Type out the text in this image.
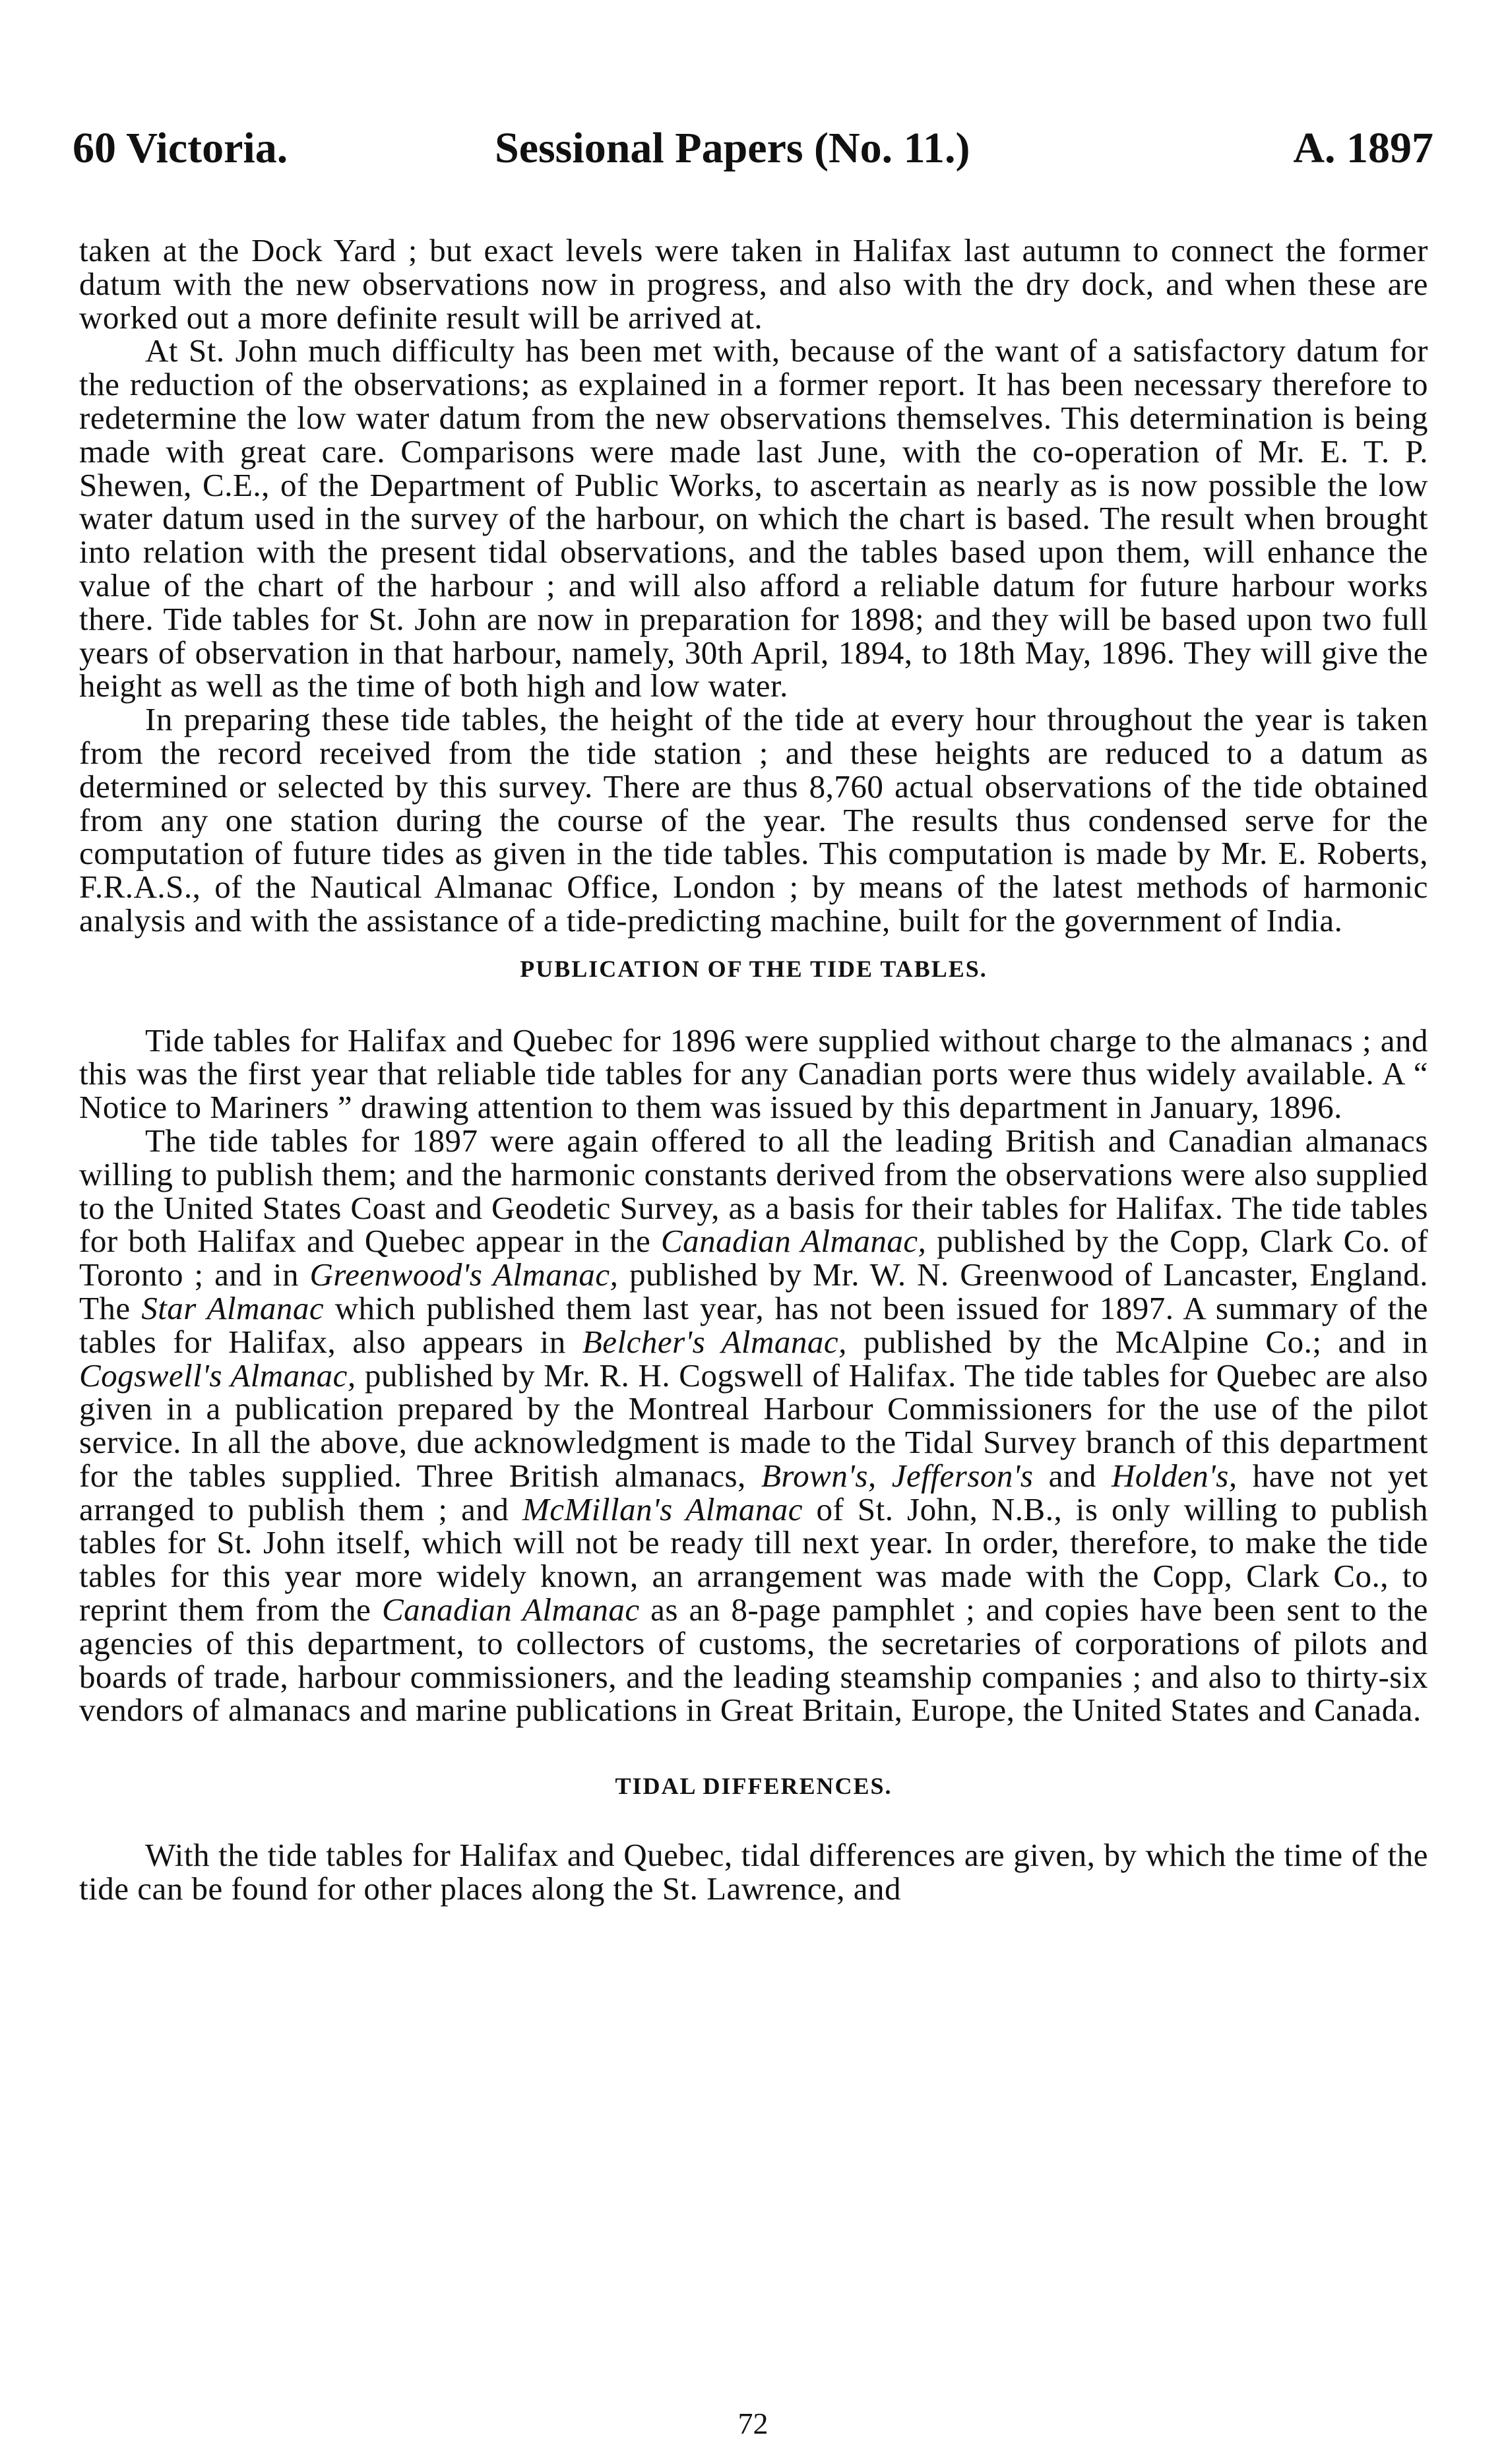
60 Victoria.	Sessional Papers (No. 11.)	A. 1897

taken at the Dock Yard ; but exact levels were taken in Halifax last autumn to connect the former datum with the new observations now in progress, and also with the dry dock, and when these are worked out a more definite result will be arrived at.

At St. John much difficulty has been met with, because of the want of a satisfactory datum for the reduction of the observations; as explained in a former report. It has been necessary therefore to redetermine the low water datum from the new observations themselves. This determination is being made with great care. Comparisons were made last June, with the co-operation of Mr. E. T. P. Shewen, C.E., of the Department of Public Works, to ascertain as nearly as is now possible the low water datum used in the survey of the harbour, on which the chart is based. The result when brought into relation with the present tidal observations, and the tables based upon them, will enhance the value of the chart of the harbour ; and will also afford a reliable datum for future harbour works there. Tide tables for St. John are now in preparation for 1898; and they will be based upon two full years of observation in that harbour, namely, 30th April, 1894, to 18th May, 1896. They will give the height as well as the time of both high and low water.

In preparing these tide tables, the height of the tide at every hour throughout the year is taken from the record received from the tide station ; and these heights are reduced to a datum as determined or selected by this survey. There are thus 8,760 actual observations of the tide obtained from any one station during the course of the year. The results thus condensed serve for the computation of future tides as given in the tide tables. This computation is made by Mr. E. Roberts, F.R.A.S., of the Nautical Almanac Office, London ; by means of the latest methods of harmonic analysis and with the assistance of a tide-predicting machine, built for the government of India.

PUBLICATION OF THE TIDE TABLES.

Tide tables for Halifax and Quebec for 1896 were supplied without charge to the almanacs ; and this was the first year that reliable tide tables for any Canadian ports were thus widely available. A “ Notice to Mariners ” drawing attention to them was issued by this department in January, 1896.

The tide tables for 1897 were again offered to all the leading British and Canadian almanacs willing to publish them; and the harmonic constants derived from the observations were also supplied to the United States Coast and Geodetic Survey, as a basis for their tables for Halifax. The tide tables for both Halifax and Quebec appear in the Canadian Almanac, published by the Copp, Clark Co. of Toronto ; and in Greenwood's Almanac, published by Mr. W. N. Greenwood of Lancaster, England. The Star Almanac which published them last year, has not been issued for 1897. A summary of the tables for Halifax, also appears in Belcher's Almanac, published by the McAlpine Co.; and in Cogswell's Almanac, published by Mr. R. H. Cogswell of Halifax. The tide tables for Quebec are also given in a publication prepared by the Montreal Harbour Commissioners for the use of the pilot service. In all the above, due acknowledgment is made to the Tidal Survey branch of this department for the tables supplied. Three British almanacs, Brown's, Jefferson's and Holden's, have not yet arranged to publish them ; and McMillan's Almanac of St. John, N.B., is only willing to publish tables for St. John itself, which will not be ready till next year. In order, therefore, to make the tide tables for this year more widely known, an arrangement was made with the Copp, Clark Co., to reprint them from the Canadian Almanac as an 8-page pamphlet ; and copies have been sent to the agencies of this department, to collectors of customs, the secretaries of corporations of pilots and boards of trade, harbour commissioners, and the leading steamship companies ; and also to thirty-six vendors of almanacs and marine publications in Great Britain, Europe, the United States and Canada.

TIDAL DIFFERENCES.

With the tide tables for Halifax and Quebec, tidal differences are given, by which the time of the tide can be found for other places along the St. Lawrence, and

72
